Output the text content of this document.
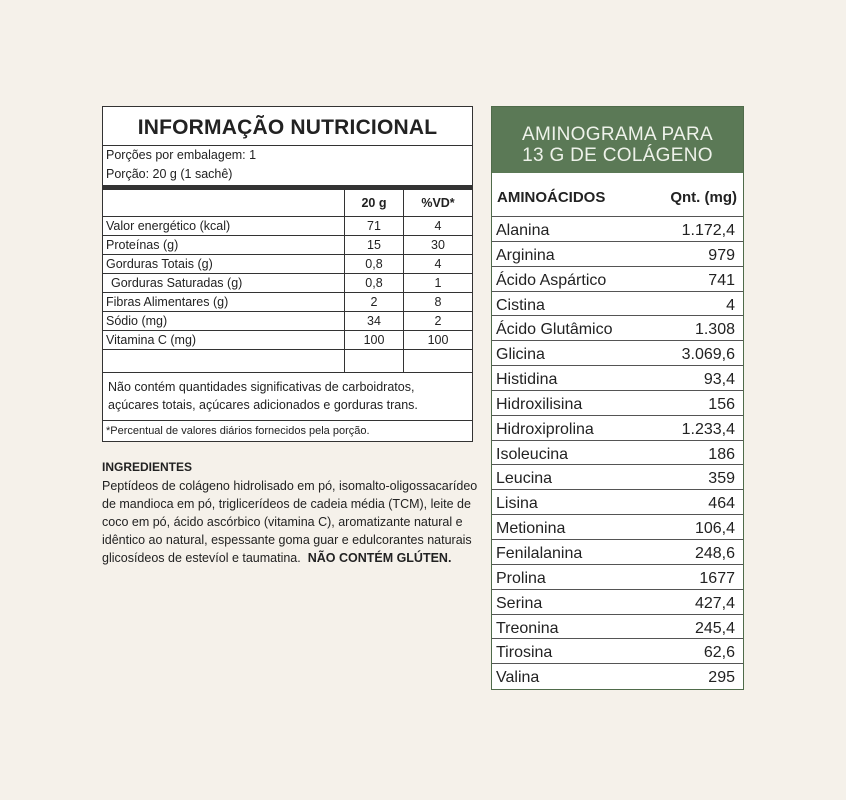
INFORMAÇÃO NUTRICIONAL
Porções por embalagem: 1
Porção: 20 g (1 sachê)
	20 g	%VD*
Valor energético (kcal)	71	4
Proteínas (g)	15	30
Gorduras Totais (g)	0,8	4
Gorduras Saturadas (g)	0,8	1
Fibras Alimentares (g)	2	8
Sódio (mg)	34	2
Vitamina C (mg)	100	100

Não contém quantidades significativas de carboidratos, açúcares totais, açúcares adicionados e gorduras trans.
*Percentual de valores diários fornecidos pela porção.
INGREDIENTES
Peptídeos de colágeno hidrolisado em pó, isomalto-oligossacarídeo de mandioca em pó, triglicerídeos de cadeia média (TCM), leite de coco em pó, ácido ascórbico (vitamina C), aromatizante natural e idêntico ao natural, espessante goma guar e edulcorantes naturais glicosídeos de estevíol e taumatina. NÃO CONTÉM GLÚTEN.
AMINOGRAMA PARA
13 G DE COLÁGENO
AMINOÁCIDOS	Qnt. (mg)
Alanina	1.172,4
Arginina	979
Ácido Aspártico	741
Cistina	4
Ácido Glutâmico	1.308
Glicina	3.069,6
Histidina	93,4
Hidroxilisina	156
Hidroxiprolina	1.233,4
Isoleucina	186
Leucina	359
Lisina	464
Metionina	106,4
Fenilalanina	248,6
Prolina	1677
Serina	427,4
Treonina	245,4
Tirosina	62,6
Valina	295
